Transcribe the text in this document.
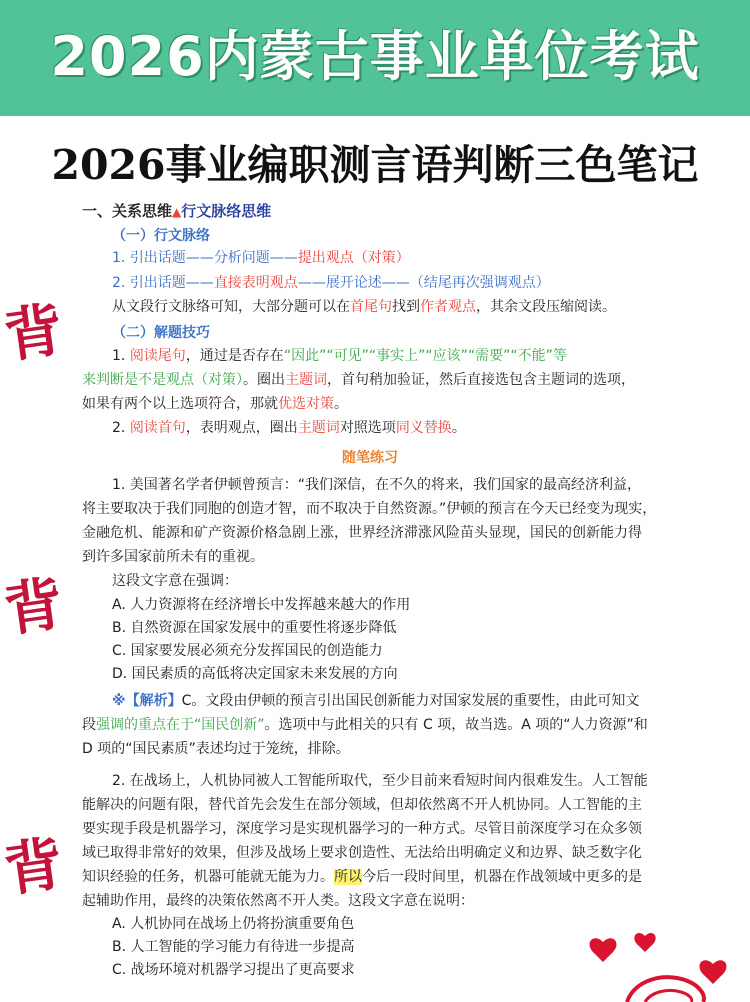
2026内蒙古事业单位考试
2026事业编职测言语判断三色笔记
背
背
背
一、关系思维▲行文脉络思维
（一）行文脉络
1. 引出话题——分析问题——提出观点（对策）
2. 引出话题——直接表明观点——展开论述——（结尾再次强调观点）
从文段行文脉络可知，大部分题可以在首尾句找到作者观点，其余文段压缩阅读。
（二）解题技巧
1. 阅读尾句，通过是否存在“因此”“可见”“事实上”“应该”“需要”“不能”等
来判断是不是观点（对策）。圈出主题词，首句稍加验证，然后直接选包含主题词的选项，
如果有两个以上选项符合，那就优选对策。
2. 阅读首句，表明观点，圈出主题词对照选项同义替换。
随笔练习
1. 美国著名学者伊顿曾预言：“我们深信，在不久的将来，我们国家的最高经济利益，
将主要取决于我们同胞的创造才智，而不取决于自然资源。”伊顿的预言在今天已经变为现实，
金融危机、能源和矿产资源价格急剧上涨，世界经济滞涨风险苗头显现，国民的创新能力得
到许多国家前所未有的重视。
这段文字意在强调：
A. 人力资源将在经济增长中发挥越来越大的作用
B. 自然资源在国家发展中的重要性将逐步降低
C. 国家要发展必须充分发挥国民的创造能力
D. 国民素质的高低将决定国家未来发展的方向
※【解析】C。文段由伊顿的预言引出国民创新能力对国家发展的重要性，由此可知文
段强调的重点在于“国民创新”。选项中与此相关的只有 C 项，故当选。A 项的“人力资源”和
D 项的“国民素质”表述均过于笼统，排除。
2. 在战场上，人机协同被人工智能所取代，至少目前来看短时间内很难发生。人工智能
能解决的问题有限，替代首先会发生在部分领域，但却依然离不开人机协同。人工智能的主
要实现手段是机器学习，深度学习是实现机器学习的一种方式。尽管目前深度学习在众多领
域已取得非常好的效果，但涉及战场上要求创造性、无法给出明确定义和边界、缺乏数字化
知识经验的任务，机器可能就无能为力。所以今后一段时间里，机器在作战领域中更多的是
起辅助作用，最终的决策依然离不开人类。这段文字意在说明：
A. 人机协同在战场上仍将扮演重要角色
B. 人工智能的学习能力有待进一步提高
C. 战场环境对机器学习提出了更高要求
